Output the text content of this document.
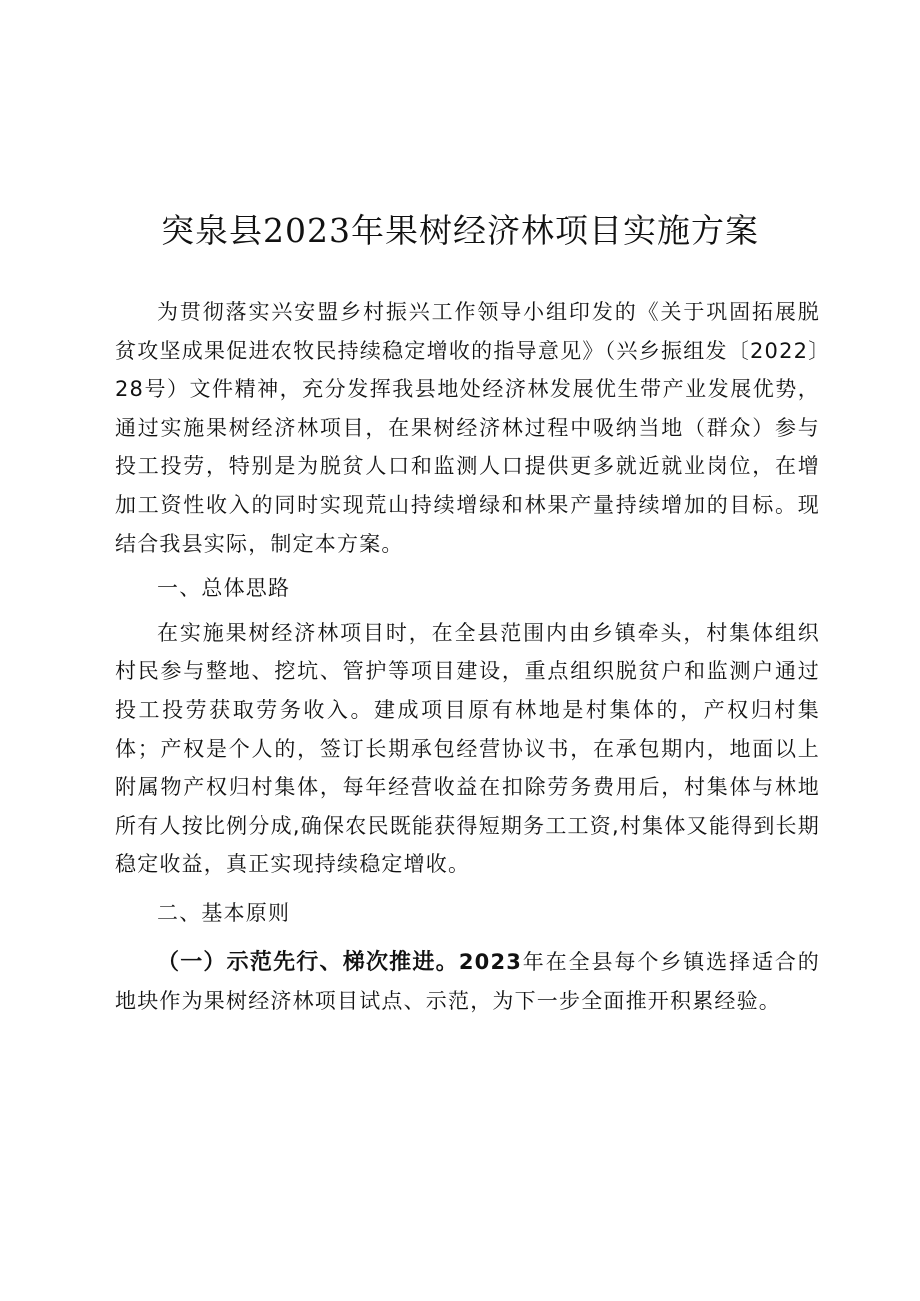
突泉县2023年果树经济林项目实施方案

为贯彻落实兴安盟乡村振兴工作领导小组印发的《关于巩固拓展脱贫攻坚成果促进农牧民持续稳定增收的指导意见》（兴乡振组发〔2022〕28号）文件精神，充分发挥我县地处经济林发展优生带产业发展优势，通过实施果树经济林项目，在果树经济林过程中吸纳当地（群众）参与投工投劳，特别是为脱贫人口和监测人口提供更多就近就业岗位，在增加工资性收入的同时实现荒山持续增绿和林果产量持续增加的目标。现结合我县实际，制定本方案。

一、总体思路

在实施果树经济林项目时，在全县范围内由乡镇牵头，村集体组织村民参与整地、挖坑、管护等项目建设，重点组织脱贫户和监测户通过投工投劳获取劳务收入。建成项目原有林地是村集体的，产权归村集体；产权是个人的，签订长期承包经营协议书，在承包期内，地面以上附属物产权归村集体，每年经营收益在扣除劳务费用后，村集体与林地所有人按比例分成,确保农民既能获得短期务工工资,村集体又能得到长期稳定收益，真正实现持续稳定增收。

二、基本原则

（一）示范先行、梯次推进。2023年在全县每个乡镇选择适合的地块作为果树经济林项目试点、示范，为下一步全面推开积累经验。
